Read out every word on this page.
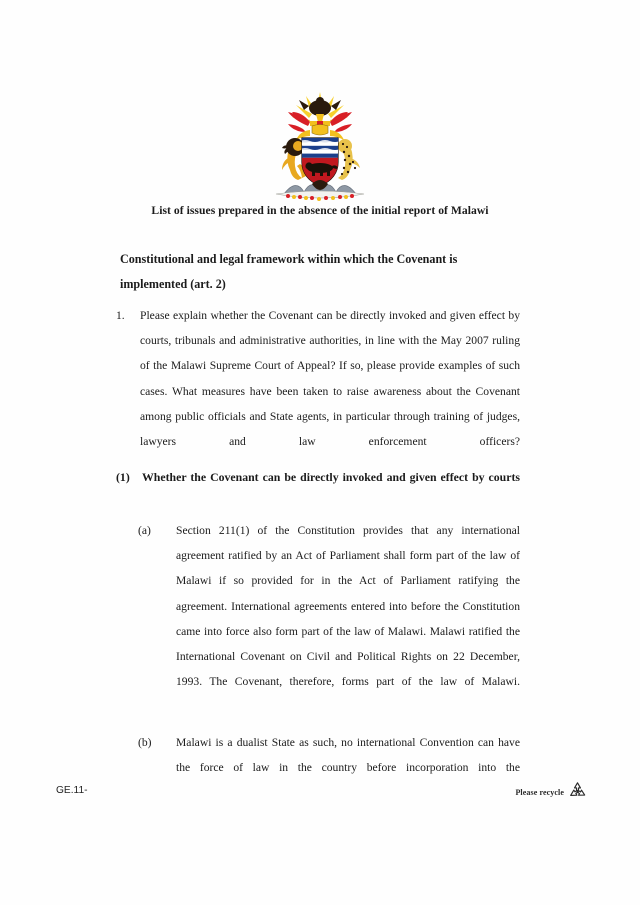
List of issues prepared in the absence of the initial report of Malawi
Constitutional and legal framework within which the Covenant is implemented (art. 2)
1.	Please explain whether the Covenant can be directly invoked and given effect by courts, tribunals and administrative authorities, in line with the May 2007 ruling of the Malawi Supreme Court of Appeal? If so, please provide examples of such cases. What measures have been taken to raise awareness about the Covenant among public officials and State agents, in particular through training of judges, lawyers and law enforcement officers?
(1)	Whether the Covenant can be directly invoked and given effect by courts
(a)	Section 211(1) of the Constitution provides that any international agreement ratified by an Act of Parliament shall form part of the law of Malawi if so provided for in the Act of Parliament ratifying the agreement. International agreements entered into before the Constitution came into force also form part of the law of Malawi. Malawi ratified the International Covenant on Civil and Political Rights on 22 December, 1993. The Covenant, therefore, forms part of the law of Malawi.
(b)	Malawi is a dualist State as such, no international Convention can have the force of law in the country before incorporation into the
GE.11-	Please recycle
